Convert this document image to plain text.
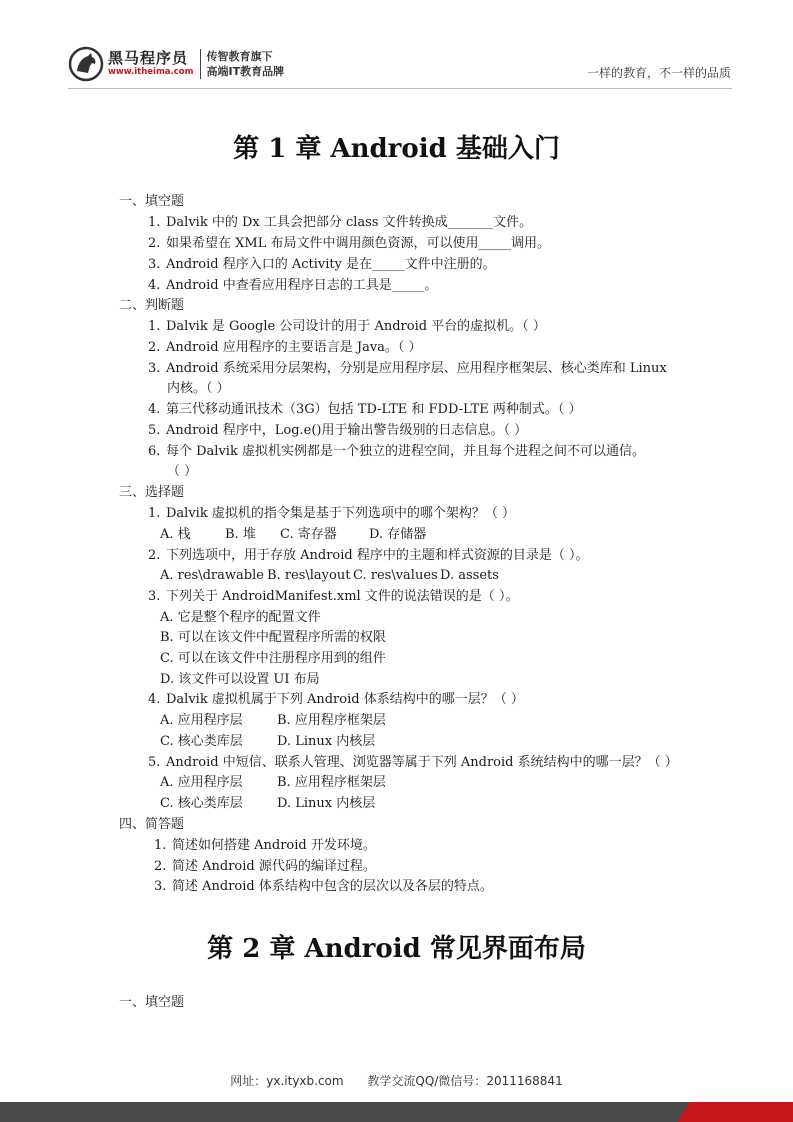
黑马程序员
www.itheima.com
传智教育旗下
高端IT教育品牌	一样的教育，不一样的品质
第 1 章 Android 基础入门
一、填空题
1. Dalvik 中的 Dx 工具会把部分 class 文件转换成_______文件。
2. 如果希望在 XML 布局文件中调用颜色资源，可以使用_____调用。
3. Android 程序入口的 Activity 是在_____文件中注册的。
4. Android 中查看应用程序日志的工具是_____。
二、判断题
1. Dalvik 是 Google 公司设计的用于 Android 平台的虚拟机。（ ）
2. Android 应用程序的主要语言是 Java。（ ）
3. Android 系统采用分层架构，分别是应用程序层、应用程序框架层、核心类库和 Linux
内核。（ ）
4. 第三代移动通讯技术（3G）包括 TD-LTE 和 FDD-LTE 两种制式。（ ）
5. Android 程序中，Log.e()用于输出警告级别的日志信息。（ ）
6. 每个 Dalvik 虚拟机实例都是一个独立的进程空间，并且每个进程之间不可以通信。
（ ）
三、选择题
1. Dalvik 虚拟机的指令集是基于下列选项中的哪个架构？（ ）
A. 栈	B. 堆 C. 寄存器 D. 存储器
2. 下列选项中，用于存放 Android 程序中的主题和样式资源的目录是（ ）。
A. res\drawable B. res\layout C. res\values D. assets
3. 下列关于 AndroidManifest.xml 文件的说法错误的是（ ）。
A. 它是整个程序的配置文件
B. 可以在该文件中配置程序所需的权限
C. 可以在该文件中注册程序用到的组件
D. 该文件可以设置 UI 布局
4. Dalvik 虚拟机属于下列 Android 体系结构中的哪一层？（ ）
A. 应用程序层	B. 应用程序框架层
C. 核心类库层	D. Linux 内核层
5. Android 中短信、联系人管理、浏览器等属于下列 Android 系统结构中的哪一层？（ ）
A. 应用程序层	B. 应用程序框架层
C. 核心类库层	D. Linux 内核层
四、简答题
1. 简述如何搭建 Android 开发环境。
2. 简述 Android 源代码的编译过程。
3. 简述 Android 体系结构中包含的层次以及各层的特点。
第 2 章 Android 常见界面布局
一、填空题
网址：yx.ityxb.com 教学交流QQ/微信号：2011168841
